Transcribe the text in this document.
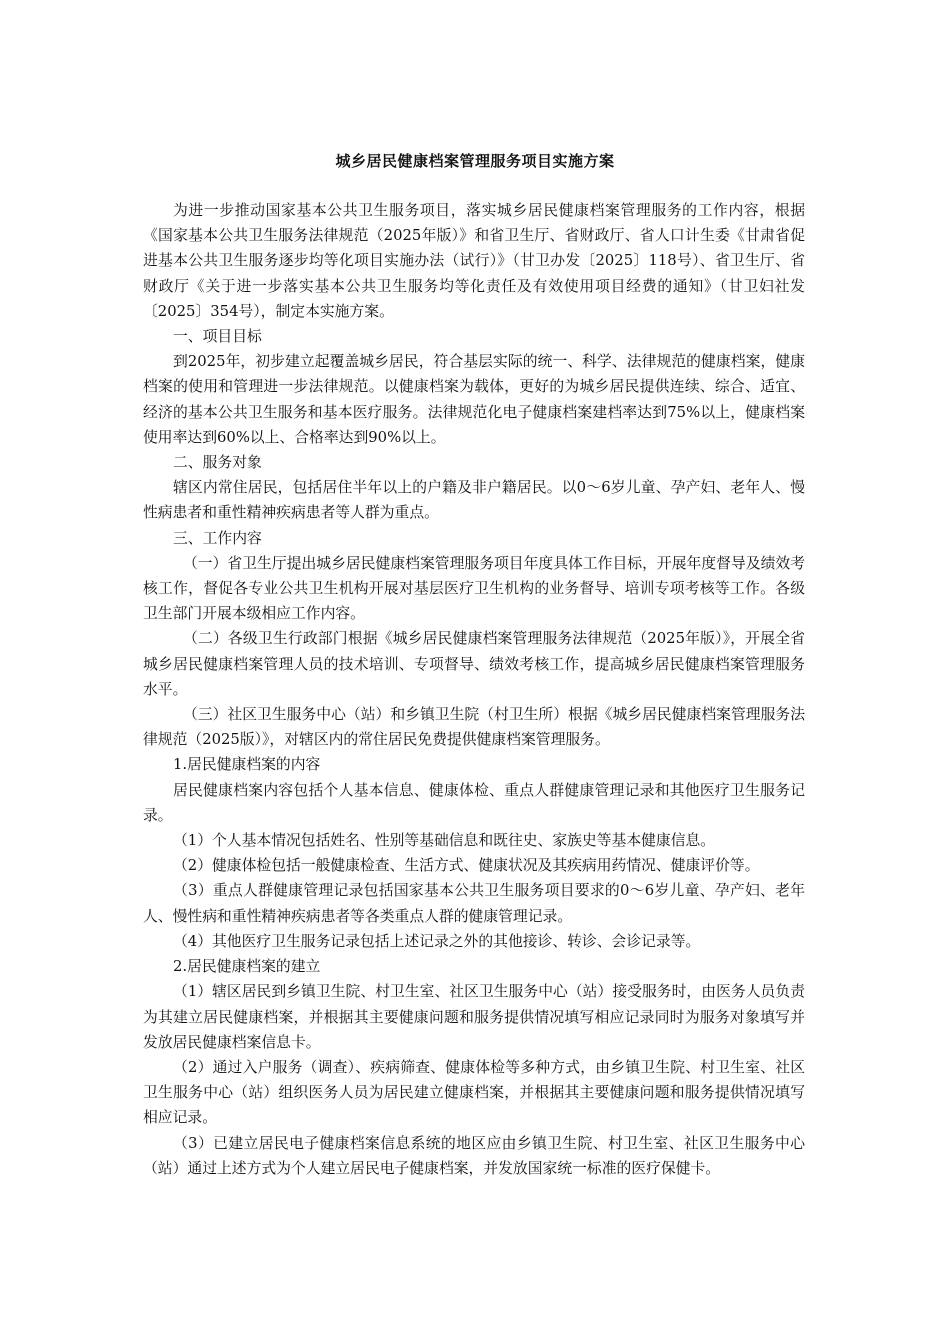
城乡居民健康档案管理服务项目实施方案

为进一步推动国家基本公共卫生服务项目，落实城乡居民健康档案管理服务的工作内容，根据《国家基本公共卫生服务法律规范（2025年版）》和省卫生厅、省财政厅、省人口计生委《甘肃省促进基本公共卫生服务逐步均等化项目实施办法（试行）》（甘卫办发〔2025〕118号）、省卫生厅、省财政厅《关于进一步落实基本公共卫生服务均等化责任及有效使用项目经费的通知》（甘卫妇社发〔2025〕354号），制定本实施方案。

一、项目目标

到2025年，初步建立起覆盖城乡居民，符合基层实际的统一、科学、法律规范的健康档案，健康档案的使用和管理进一步法律规范。以健康档案为载体，更好的为城乡居民提供连续、综合、适宜、经济的基本公共卫生服务和基本医疗服务。法律规范化电子健康档案建档率达到75%以上，健康档案使用率达到60%以上、合格率达到90%以上。

二、服务对象

辖区内常住居民，包括居住半年以上的户籍及非户籍居民。以0～6岁儿童、孕产妇、老年人、慢性病患者和重性精神疾病患者等人群为重点。

三、工作内容

（一）省卫生厅提出城乡居民健康档案管理服务项目年度具体工作目标，开展年度督导及绩效考核工作，督促各专业公共卫生机构开展对基层医疗卫生机构的业务督导、培训专项考核等工作。各级卫生部门开展本级相应工作内容。

（二）各级卫生行政部门根据《城乡居民健康档案管理服务法律规范（2025年版）》，开展全省城乡居民健康档案管理人员的技术培训、专项督导、绩效考核工作，提高城乡居民健康档案管理服务水平。

（三）社区卫生服务中心（站）和乡镇卫生院（村卫生所）根据《城乡居民健康档案管理服务法律规范（2025版）》，对辖区内的常住居民免费提供健康档案管理服务。

1.居民健康档案的内容

居民健康档案内容包括个人基本信息、健康体检、重点人群健康管理记录和其他医疗卫生服务记录。

（1）个人基本情况包括姓名、性别等基础信息和既往史、家族史等基本健康信息。

（2）健康体检包括一般健康检查、生活方式、健康状况及其疾病用药情况、健康评价等。

（3）重点人群健康管理记录包括国家基本公共卫生服务项目要求的0～6岁儿童、孕产妇、老年人、慢性病和重性精神疾病患者等各类重点人群的健康管理记录。

（4）其他医疗卫生服务记录包括上述记录之外的其他接诊、转诊、会诊记录等。

2.居民健康档案的建立

（1）辖区居民到乡镇卫生院、村卫生室、社区卫生服务中心（站）接受服务时，由医务人员负责为其建立居民健康档案，并根据其主要健康问题和服务提供情况填写相应记录同时为服务对象填写并发放居民健康档案信息卡。

（2）通过入户服务（调查）、疾病筛查、健康体检等多种方式，由乡镇卫生院、村卫生室、社区卫生服务中心（站）组织医务人员为居民建立健康档案，并根据其主要健康问题和服务提供情况填写相应记录。

（3）已建立居民电子健康档案信息系统的地区应由乡镇卫生院、村卫生室、社区卫生服务中心（站）通过上述方式为个人建立居民电子健康档案，并发放国家统一标准的医疗保健卡。
